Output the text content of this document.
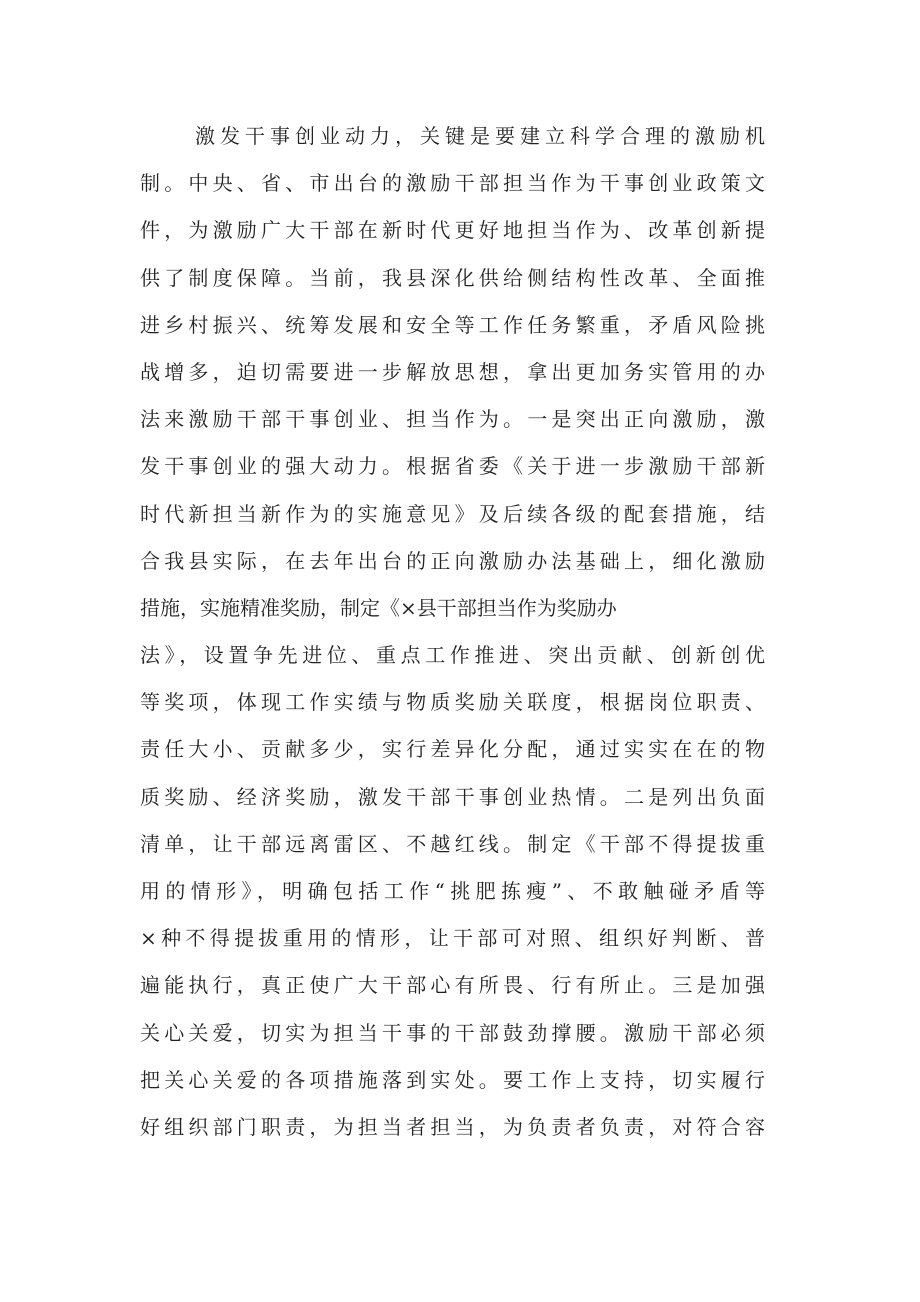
激发干事创业动力，关键是要建立科学合理的激励机
制。中央、省、市出台的激励干部担当作为干事创业政策文
件，为激励广大干部在新时代更好地担当作为、改革创新提
供了制度保障。当前，我县深化供给侧结构性改革、全面推
进乡村振兴、统筹发展和安全等工作任务繁重，矛盾风险挑
战增多，迫切需要进一步解放思想，拿出更加务实管用的办
法来激励干部干事创业、担当作为。一是突出正向激励，激
发干事创业的强大动力。根据省委《关于进一步激励干部新
时代新担当新作为的实施意见》及后续各级的配套措施，结
合我县实际，在去年出台的正向激励办法基础上，细化激励
措施，实施精准奖励，制定《×县干部担当作为奖励办
法》，设置争先进位、重点工作推进、突出贡献、创新创优
等奖项，体现工作实绩与物质奖励关联度，根据岗位职责、
责任大小、贡献多少，实行差异化分配，通过实实在在的物
质奖励、经济奖励，激发干部干事创业热情。二是列出负面
清单，让干部远离雷区、不越红线。制定《干部不得提拔重
用的情形》，明确包括工作“挑肥拣瘦”、不敢触碰矛盾等
×种不得提拔重用的情形，让干部可对照、组织好判断、普
遍能执行，真正使广大干部心有所畏、行有所止。三是加强
关心关爱，切实为担当干事的干部鼓劲撑腰。激励干部必须
把关心关爱的各项措施落到实处。要工作上支持，切实履行
好组织部门职责，为担当者担当，为负责者负责，对符合容
